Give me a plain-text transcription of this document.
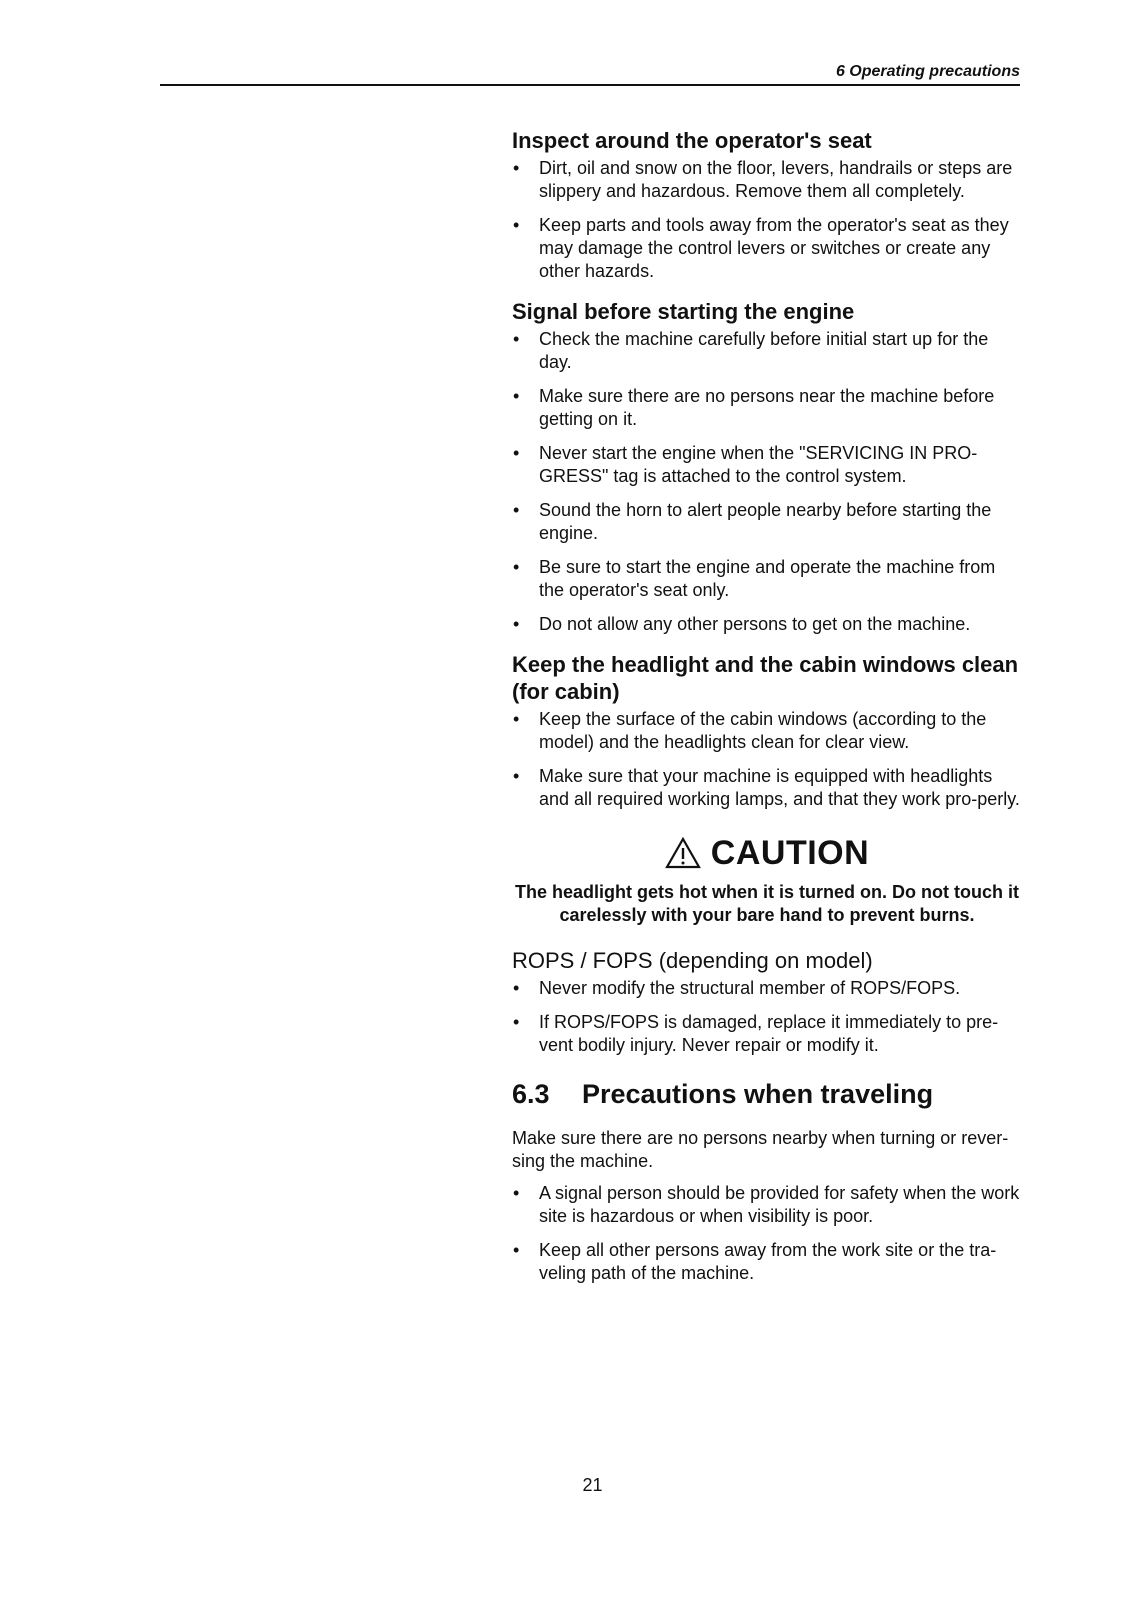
6 Operating precautions
Inspect around the operator's seat
• Dirt, oil and snow on the floor, levers, handrails or steps are slippery and hazardous. Remove them all completely.
• Keep parts and tools away from the operator's seat as they may damage the control levers or switches or create any other hazards.
Signal before starting the engine
• Check the machine carefully before initial start up for the day.
• Make sure there are no persons near the machine before getting on it.
• Never start the engine when the "SERVICING IN PRO-GRESS" tag is attached to the control system.
• Sound the horn to alert people nearby before starting the engine.
• Be sure to start the engine and operate the machine from the operator's seat only.
• Do not allow any other persons to get on the machine.
Keep the headlight and the cabin windows clean (for cabin)
• Keep the surface of the cabin windows (according to the model) and the headlights clean for clear view.
• Make sure that your machine is equipped with headlights and all required working lamps, and that they work pro-perly.
CAUTION

The headlight gets hot when it is turned on. Do not touch it carelessly with your bare hand to prevent burns.

ROPS / FOPS (depending on model)
• Never modify the structural member of ROPS/FOPS.
• If ROPS/FOPS is damaged, replace it immediately to pre-vent bodily injury. Never repair or modify it.
6.3	Precautions when traveling

Make sure there are no persons nearby when turning or rever-sing the machine.

• A signal person should be provided for safety when the work site is hazardous or when visibility is poor.
• Keep all other persons away from the work site or the tra-veling path of the machine.
21
